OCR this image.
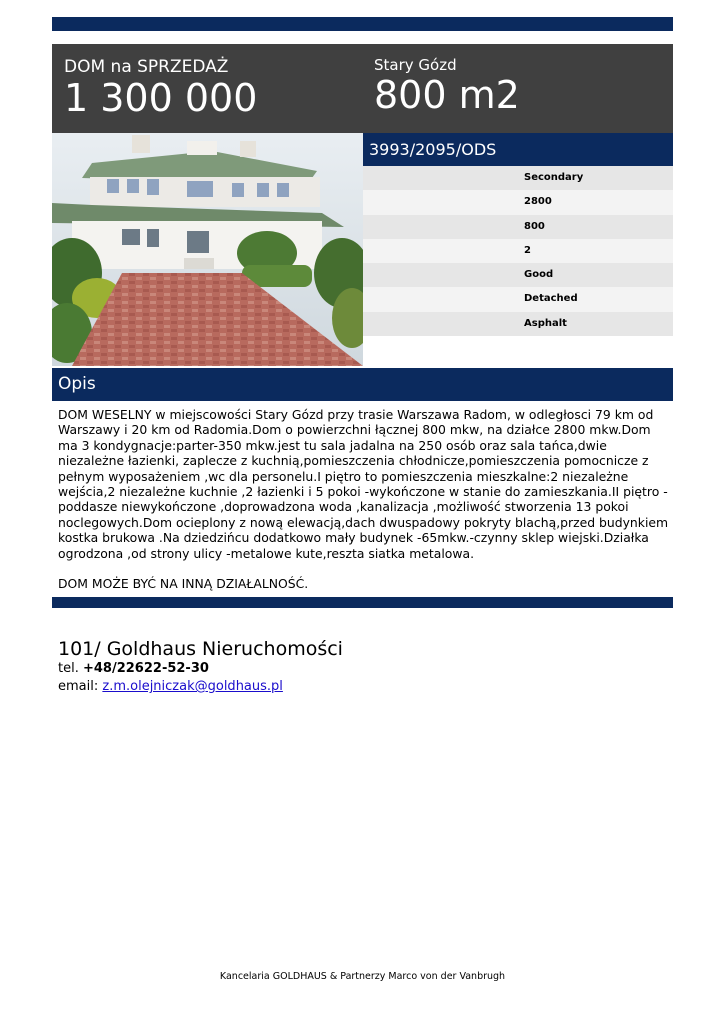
DOM na SPRZEDAŻ
1 300 000
Stary Gózd
800 m2
3993/2095/ODS
Secondary
2800
800
2
Good
Detached
Asphalt
Opis

DOM WESELNY w miejscowości Stary Gózd przy trasie Warszawa Radom, w odległosci 79 km od Warszawy i 20 km od Radomia.Dom o powierzchni łącznej 800 mkw, na działce 2800 mkw.Dom ma 3 kondygnacje:parter-350 mkw.jest tu sala jadalna na 250 osób oraz sala tańca,dwie niezależne łazienki, zaplecze z kuchnią,pomieszczenia chłodnicze,pomieszczenia pomocnicze z pełnym wyposażeniem ,wc dla personelu.I piętro to pomieszczenia mieszkalne:2 niezależne wejścia,2 niezależne kuchnie ,2 łazienki i 5 pokoi -wykończone w stanie do zamieszkania.II piętro -poddasze niewykończone ,doprowadzona woda ,kanalizacja ,możliwość stworzenia 13 pokoi noclegowych.Dom ocieplony z nową elewacją,dach dwuspadowy pokryty blachą,przed budynkiem kostka brukowa .Na dziedzińcu dodatkowo mały budynek -65mkw.-czynny sklep wiejski.Działka ogrodzona ,od strony ulicy -metalowe kute,reszta siatka metalowa.

DOM MOŻE BYĆ NA INNĄ DZIAŁALNOŚĆ.

101/ Goldhaus Nieruchomości
tel. +48/22622-52-30
email: z.m.olejniczak@goldhaus.pl
Kancelaria GOLDHAUS & Partnerzy Marco von der Vanbrugh
